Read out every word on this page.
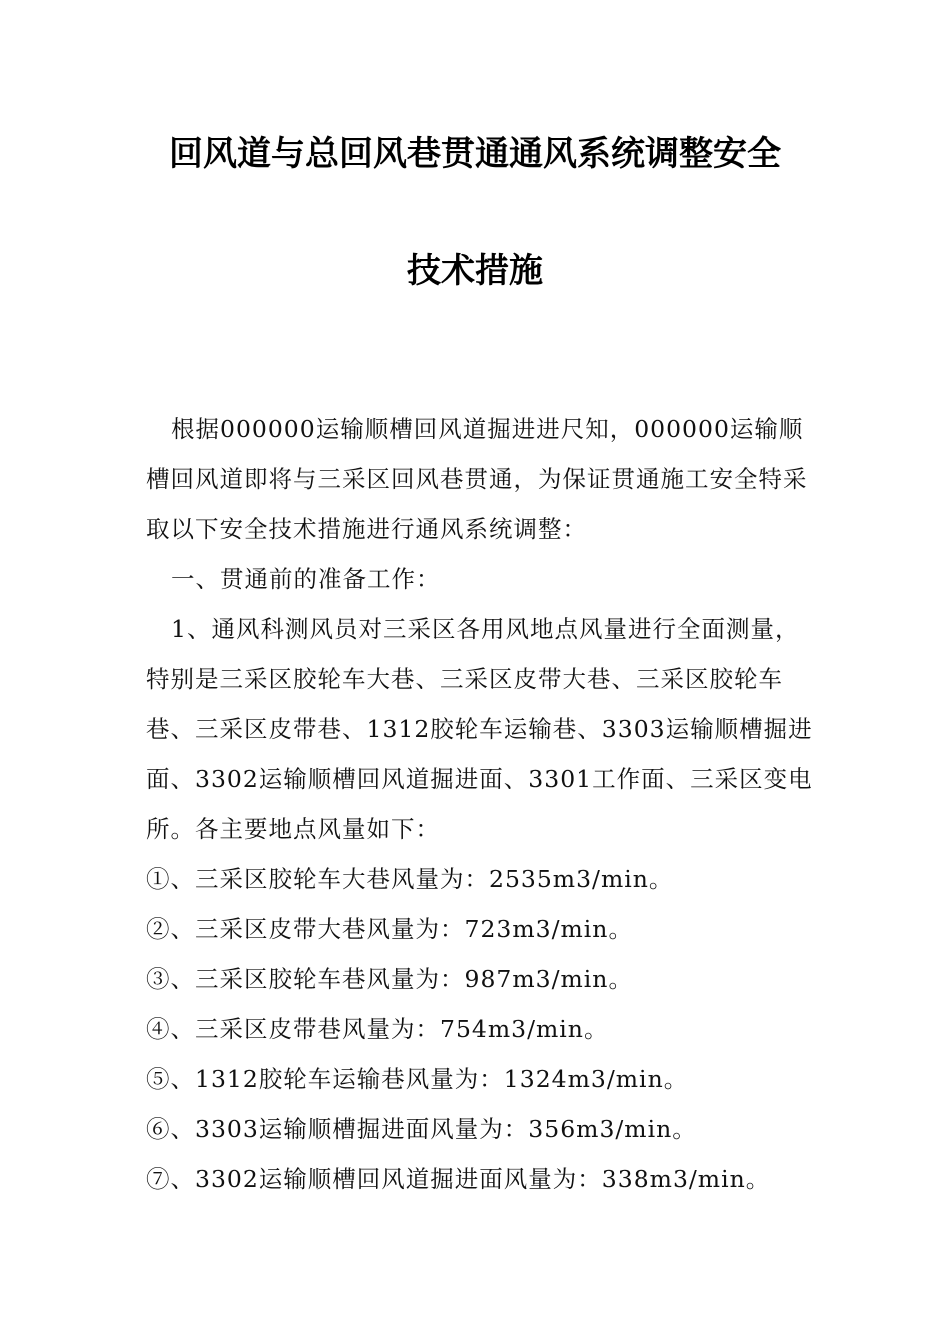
回风道与总回风巷贯通通风系统调整安全
技术措施

根据000000运输顺槽回风道掘进进尺知，000000运输顺槽回风道即将与三采区回风巷贯通，为保证贯通施工安全特采取以下安全技术措施进行通风系统调整：

一、贯通前的准备工作：

1、通风科测风员对三采区各用风地点风量进行全面测量，特别是三采区胶轮车大巷、三采区皮带大巷、三采区胶轮车巷、三采区皮带巷、1312胶轮车运输巷、3303运输顺槽掘进面、3302运输顺槽回风道掘进面、3301工作面、三采区变电所。各主要地点风量如下：

①、三采区胶轮车大巷风量为：2535m3/min。

②、三采区皮带大巷风量为：723m3/min。

③、三采区胶轮车巷风量为：987m3/min。

④、三采区皮带巷风量为：754m3/min。

⑤、1312胶轮车运输巷风量为：1324m3/min。

⑥、3303运输顺槽掘进面风量为：356m3/min。

⑦、3302运输顺槽回风道掘进面风量为：338m3/min。
